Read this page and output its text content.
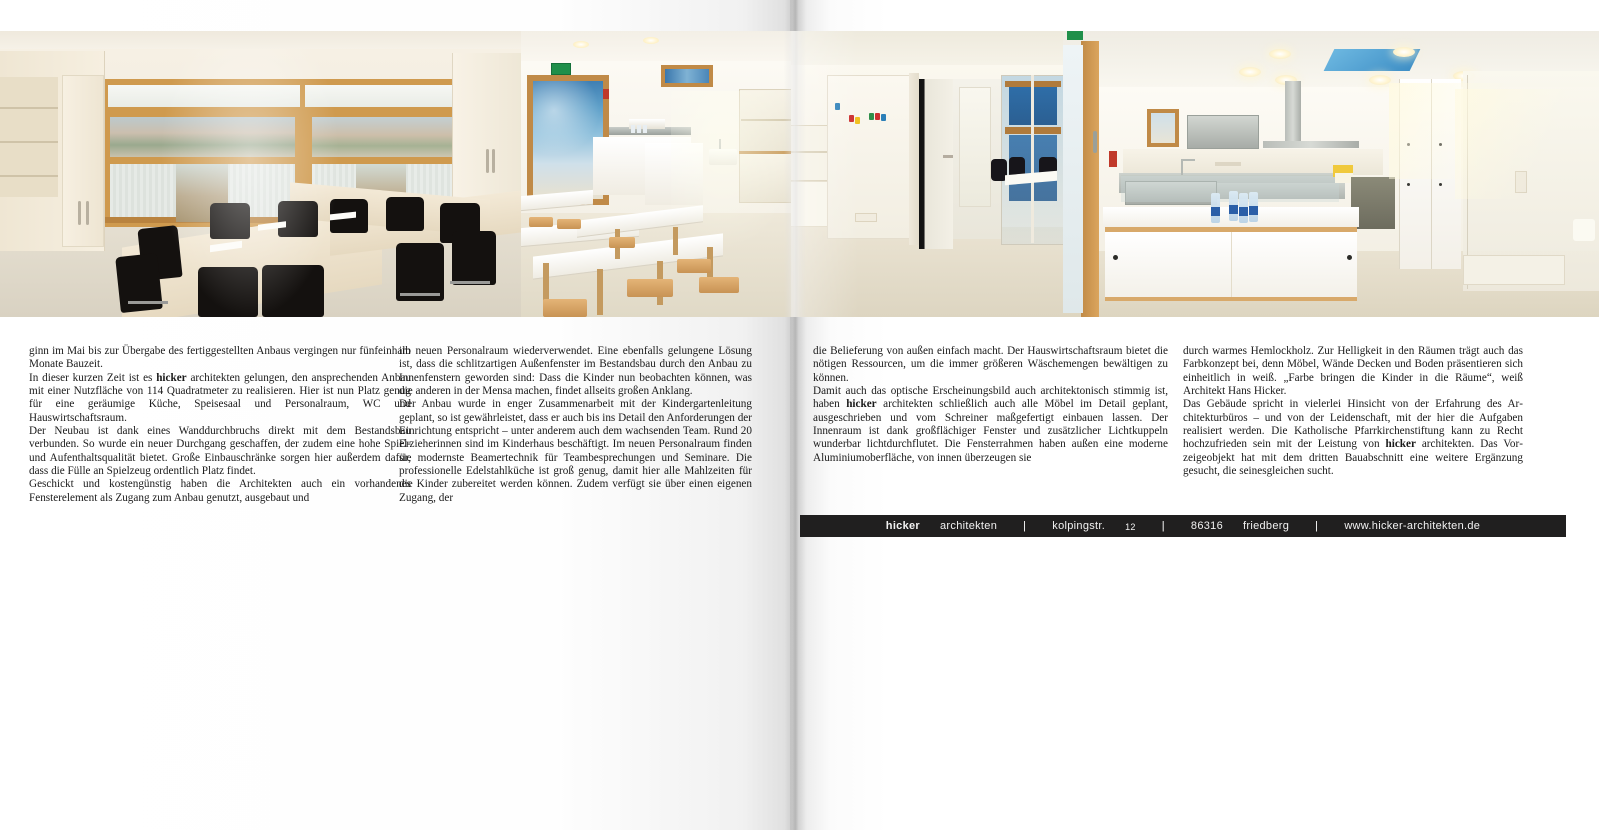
ginn im Mai bis zur Übergabe des fertiggestellten Anbaus vergingen nur fünfeinhalb Monate Bauzeit.

In dieser kurzen Zeit ist es hicker architekten gelungen, den ansprechenden Anbau mit einer Nutzfläche von 114 Quadratmeter zu realisieren. Hier ist nun Platz genug für eine geräumige Küche, Speisesaal und Personalraum, WC und Hauswirtschaftsraum.

Der Neubau ist dank eines Wanddurchbruchs direkt mit dem Bestandsbau verbunden. So wurde ein neuer Durchgang geschaffen, der zudem eine hohe Spiel- und Aufenthaltsqualität bietet. Große Einbauschränke sorgen hier außerdem dafür, dass die Fülle an Spielzeug ordentlich Platz findet.

Geschickt und kostengünstig haben die Architekten auch ein vorhandenes Fensterelement als Zugang zum Anbau genutzt, ausgebaut und

im neuen Personalraum wiederverwendet. Eine ebenfalls gelungene Lösung ist, dass die schlitzartigen Außenfenster im Bestandsbau durch den Anbau zu Innenfenstern geworden sind: Dass die Kinder nun beobachten können, was die anderen in der Mensa machen, findet allseits großen Anklang.

Der Anbau wurde in enger Zusammenarbeit mit der Kindergartenleitung geplant, so ist gewährleistet, dass er auch bis ins Detail den Anforderungen der Einrichtung entspricht – unter anderem auch dem wachsenden Team. Rund 20 Erzieherinnen sind im Kinderhaus beschäftigt. Im neuen Personalraum finden sie modernste Beamertechnik für Teambesprechungen und Seminare. Die professionelle Edelstahlküche ist groß genug, damit hier alle Mahlzeiten für die Kinder zubereitet werden können. Zudem verfügt sie über einen eigenen Zugang, der

die Belieferung von außen einfach macht. Der Hauswirtschaftsraum bietet die nötigen Ressourcen, um die immer größeren Wäschemengen bewältigen zu können.

Damit auch das optische Erscheinungsbild auch architektonisch stimmig ist, haben hicker architekten schließlich auch alle Möbel im Detail geplant, ausgeschrieben und vom Schreiner maßgefertigt einbauen lassen. Der Innenraum ist dank großflächiger Fenster und zusätzlicher Lichtkuppeln wunderbar lichtdurchflutet. Die Fensterrahmen haben außen eine moderne Aluminiumoberfläche, von innen überzeugen sie

durch warmes Hemlockholz. Zur Helligkeit in den Räumen trägt auch das Farbkonzept bei, denn Möbel, Wände Decken und Boden präsentieren sich einheitlich in weiß. „Farbe bringen die Kinder in die Räume“, weiß Architekt Hans Hicker.

Das Gebäude spricht in vielerlei Hinsicht von der Erfahrung des Architekturbüros – und von der Leidenschaft, mit der hier die Aufgaben realisiert werden. Die Katholische Pfarrkirchenstiftung kann zu Recht hochzufrieden sein mit der Leistung von hicker architekten. Das Vorzeigeobjekt hat mit dem dritten Bauabschnitt eine weitere Ergänzung gesucht, die seinesgleichen sucht.

hicker architekten | kolpingstr. 12 | 86316 friedberg | www.hicker-architekten.de
